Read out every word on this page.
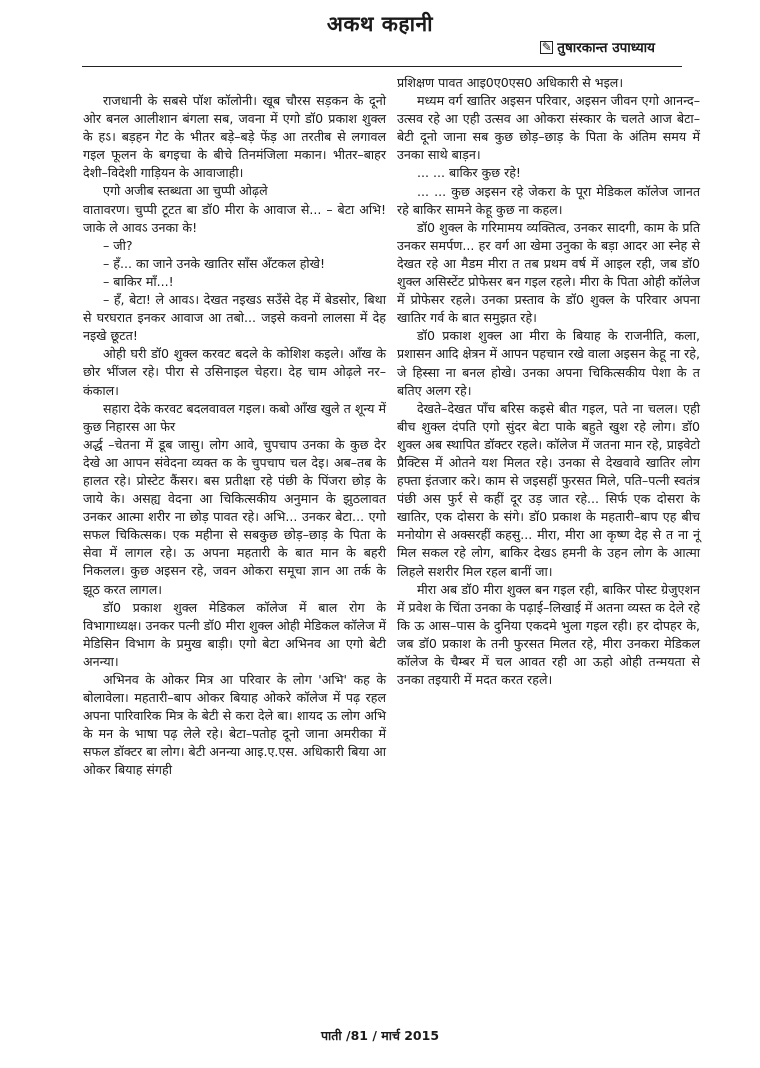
अकथ कहानी
✎ तुषारकान्त उपाध्याय

राजधानी के सबसे पॉश कॉलोनी। खूब चौरस सड़कन के दूनो ओर बनल आलीशान बंगला सब, जवना में एगो डॉ0 प्रकाश शुक्ल के हऽ। बड़हन गेट के भीतर बड़े–बड़े फेंड़ आ तरतीब से लगावल गइल फूलन के बगइचा के बीचे तिनमंजिला मकान। भीतर–बाहर देशी–विदेशी गाड़ियन के आवाजाही।

एगो अजीब स्तब्धता आ चुप्पी ओढ़ले

वातावरण। चुप्पी टूटत बा डॉ0 मीरा के आवाज से... – बेटा अभि! जाके ले आवऽ उनका के!

– जी?

– हँ... का जाने उनके खातिर साँस अँटकल होखे!

– बाकिर माँ...!

– हँ, बेटा! ले आवऽ। देखत नइखऽ सउँसे देह में बेडसोर, बिथा से घरघरात इनकर आवाज आ तबो... जइसे कवनो लालसा में देह नइखे छूटत!

ओही घरी डॉ0 शुक्ल करवट बदले के कोशिश कइले। आँख के छोर भींजल रहे। पीरा से उसिनाइल चेहरा। देह चाम ओढ़ले नर–कंकाल।

सहारा देके करवट बदलवावल गइल। कबो आँख खुले त शून्य में कुछ निहारस आ फेर

अर्द्ध –चेतना में डूब जासु। लोग आवे, चुपचाप उनका के कुछ देर देखे आ आपन संवेदना व्यक्त क के चुपचाप चल देइ। अब–तब के हालत रहे। प्रोस्टेट कैंसर। बस प्रतीक्षा रहे पंछी के पिंजरा छोड़ के जाये के। असह्य वेदना आ चिकित्सकीय अनुमान के झुठलावत उनकर आत्मा शरीर ना छोड़ पावत रहे। अभि... उनकर बेटा... एगो सफल चिकित्सक। एक महीना से सबकुछ छोड़–छाड़ के पिता के सेवा में लागल रहे। ऊ अपना महतारी के बात मान के बहरी निकलल। कुछ अइसन रहे, जवन ओकरा समूचा ज्ञान आ तर्क के झूठ करत लागल।

डॉ0 प्रकाश शुक्ल मेडिकल कॉलेज में बाल रोग के विभागाध्यक्ष। उनकर पत्नी डॉ0 मीरा शुक्ल ओही मेडिकल कॉलेज में मेडिसिन विभाग के प्रमुख बाड़ी। एगो बेटा अभिनव आ एगो बेटी अनन्या।

अभिनव के ओकर मित्र आ परिवार के लोग 'अभि' कह के बोलावेला। महतारी–बाप ओकर बियाह ओकरे कॉलेज में पढ़ रहल अपना पारिवारिक मित्र के बेटी से करा देले बा। शायद ऊ लोग अभि के मन के भाषा पढ़ लेले रहे। बेटा–पतोह दूनो जाना अमरीका में सफल डॉक्टर बा लोग। बेटी अनन्या आइ.ए.एस. अधिकारी बिया आ ओकर बियाह संगही

प्रशिक्षण पावत आइ0ए0एस0 अधिकारी से भइल।

मध्यम वर्ग खातिर अइसन परिवार, अइसन जीवन एगो आनन्द–उत्सव रहे आ एही उत्सव आ ओकरा संस्कार के चलते आज बेटा–बेटी दूनो जाना सब कुछ छोड़–छाड़ के पिता के अंतिम समय में उनका साथे बाड़न।

... ... बाकिर कुछ रहे!

... ... कुछ अइसन रहे जेकरा के पूरा मेडिकल कॉलेज जानत रहे बाकिर सामने केहू कुछ ना कहल।

डॉ0 शुक्ल के गरिमामय व्यक्तित्व, उनकर सादगी, काम के प्रति उनकर समर्पण... हर वर्ग आ खेमा उनुका के बड़ा आदर आ स्नेह से देखत रहे आ मैडम मीरा त तब प्रथम वर्ष में आइल रही, जब डॉ0 शुक्ल असिस्टेंट प्रोफेसर बन गइल रहले। मीरा के पिता ओही कॉलेज में प्रोफेसर रहले। उनका प्रस्ताव के डॉ0 शुक्ल के परिवार अपना खातिर गर्व के बात समुझत रहे।

डॉ0 प्रकाश शुक्ल आ मीरा के बियाह के राजनीति, कला, प्रशासन आदि क्षेत्रन में आपन पहचान रखे वाला अइसन केहू ना रहे, जे हिस्सा ना बनल होखे। उनका अपना चिकित्सकीय पेशा के त बतिए अलग रहे।

देखते–देखत पाँच बरिस कइसे बीत गइल, पते ना चलल। एही बीच शुक्ल दंपति एगो सुंदर बेटा पाके बहुते खुश रहे लोग। डॉ0 शुक्ल अब स्थापित डॉक्टर रहले। कॉलेज में जतना मान रहे, प्राइवेटो प्रैक्टिस में ओतने यश मिलत रहे। उनका से देखवावे खातिर लोग हफ्ता इंतजार करे। काम से जइसहीं फुरसत मिले, पति–पत्नी स्वतंत्र पंछी अस फुर्र से कहीं दूर उड़ जात रहे... सिर्फ एक दोसरा के खातिर, एक दोसरा के संगे। डॉ0 प्रकाश के महतारी–बाप एह बीच मनोयोग से अक्सरहीं कहसु... मीरा, मीरा आ कृष्ण देह से त ना नूं मिल सकल रहे लोग, बाकिर देखऽ हमनी के उहन लोग के आत्मा लिहले सशरीर मिल रहल बानीं जा।

मीरा अब डॉ0 मीरा शुक्ल बन गइल रही, बाकिर पोस्ट ग्रेजुएशन में प्रवेश के चिंता उनका के पढ़ाई–लिखाई में अतना व्यस्त क देले रहे कि ऊ आस–पास के दुनिया एकदमे भुला गइल रही। हर दोपहर के, जब डॉ0 प्रकाश के तनी फुरसत मिलत रहे, मीरा उनकरा मेडिकल कॉलेज के चैम्बर में चल आवत रही आ ऊहो ओही तन्मयता से उनका तइयारी में मदत करत रहले।

पाती /81 / मार्च 2015
